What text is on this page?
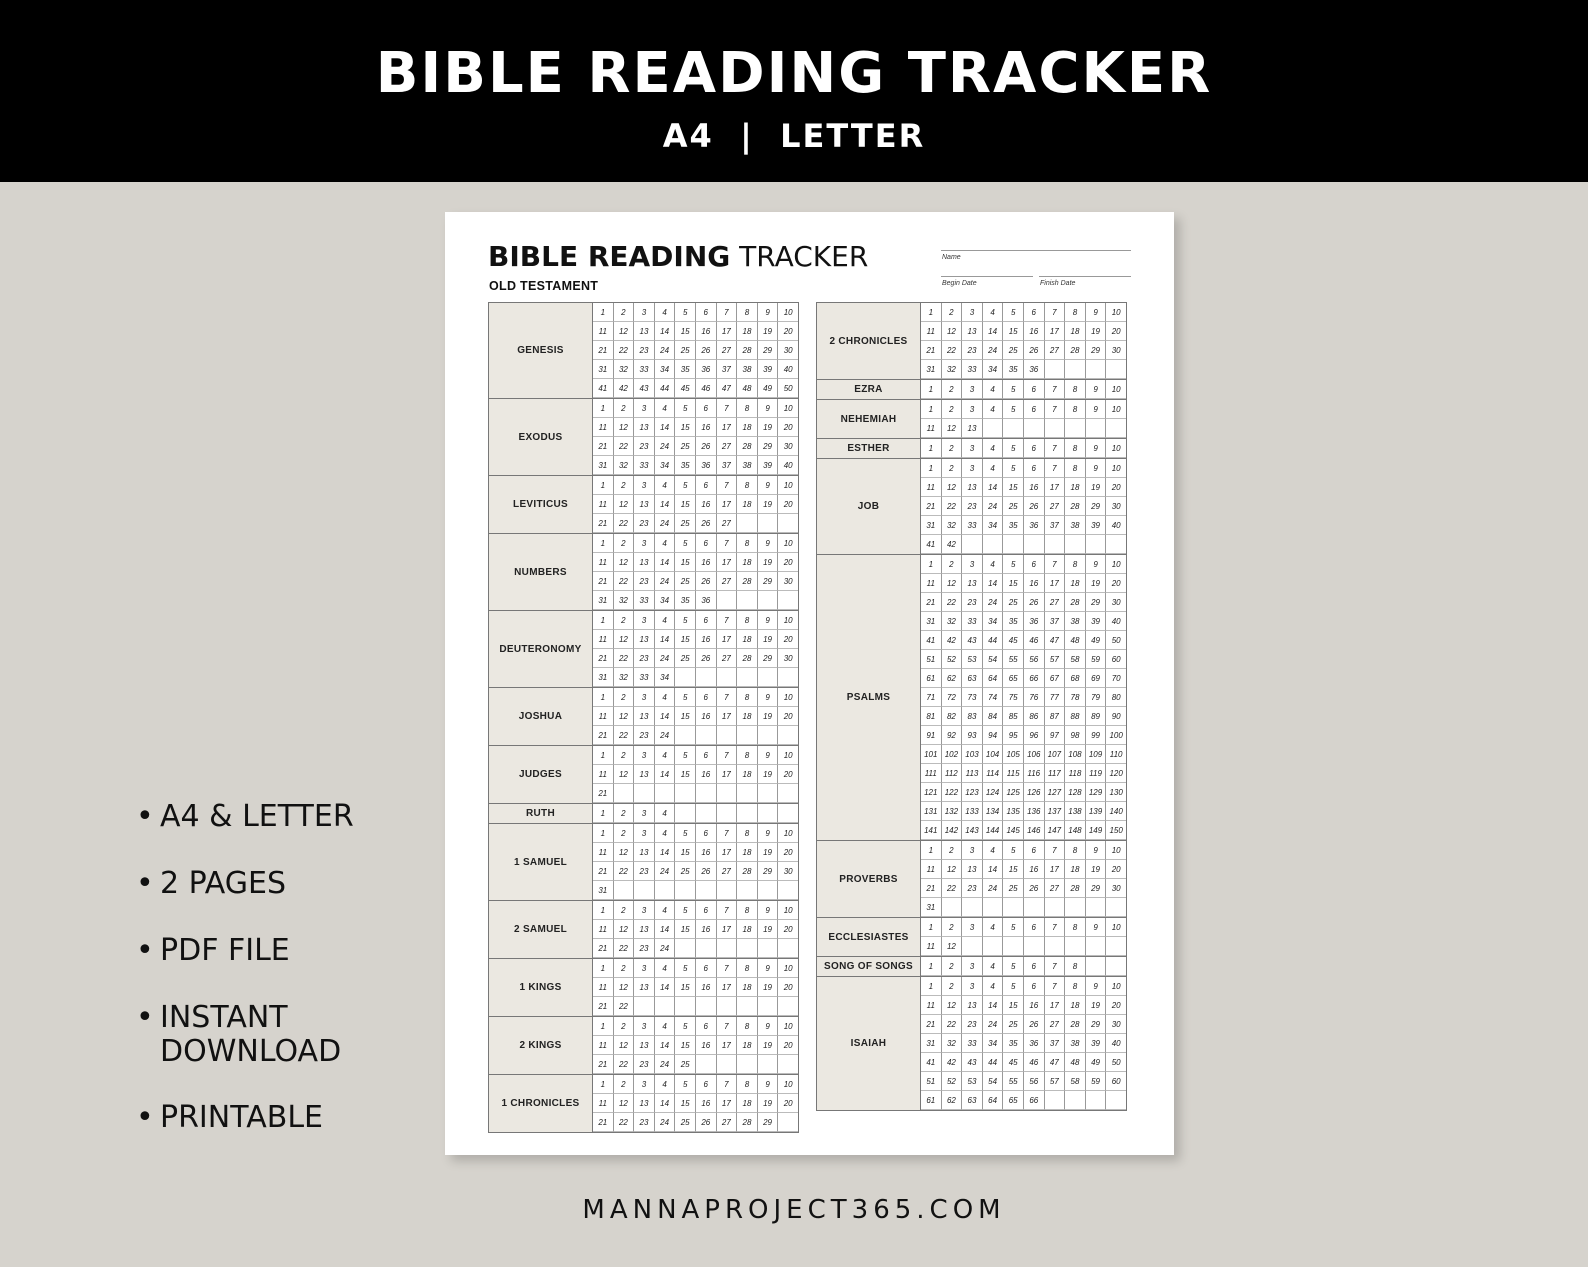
BIBLE READING TRACKER
A4  |  LETTER
• A4 & LETTER
• 2 PAGES
• PDF FILE
• INSTANT DOWNLOAD
• PRINTABLE
BIBLE READING TRACKER
OLD TESTAMENT
Name
Begin Date	Finish Date
GENESIS
1	2	3	4	5	6	7	8	9	10
11	12	13	14	15	16	17	18	19	20
21	22	23	24	25	26	27	28	29	30
31	32	33	34	35	36	37	38	39	40
41	42	43	44	45	46	47	48	49	50
EXODUS
1	2	3	4	5	6	7	8	9	10
11	12	13	14	15	16	17	18	19	20
21	22	23	24	25	26	27	28	29	30
31	32	33	34	35	36	37	38	39	40
LEVITICUS
1	2	3	4	5	6	7	8	9	10
11	12	13	14	15	16	17	18	19	20
21	22	23	24	25	26	27
NUMBERS
1	2	3	4	5	6	7	8	9	10
11	12	13	14	15	16	17	18	19	20
21	22	23	24	25	26	27	28	29	30
31	32	33	34	35	36
DEUTERONOMY
1	2	3	4	5	6	7	8	9	10
11	12	13	14	15	16	17	18	19	20
21	22	23	24	25	26	27	28	29	30
31	32	33	34
JOSHUA
1	2	3	4	5	6	7	8	9	10
11	12	13	14	15	16	17	18	19	20
21	22	23	24
JUDGES
1	2	3	4	5	6	7	8	9	10
11	12	13	14	15	16	17	18	19	20
21
RUTH	1	2	3	4
1 SAMUEL
1	2	3	4	5	6	7	8	9	10
11	12	13	14	15	16	17	18	19	20
21	22	23	24	25	26	27	28	29	30
31
2 SAMUEL
1	2	3	4	5	6	7	8	9	10
11	12	13	14	15	16	17	18	19	20
21	22	23	24
1 KINGS
1	2	3	4	5	6	7	8	9	10
11	12	13	14	15	16	17	18	19	20
21	22
2 KINGS
1	2	3	4	5	6	7	8	9	10
11	12	13	14	15	16	17	18	19	20
21	22	23	24	25
1 CHRONICLES
1	2	3	4	5	6	7	8	9	10
11	12	13	14	15	16	17	18	19	20
21	22	23	24	25	26	27	28	29
2 CHRONICLES
1	2	3	4	5	6	7	8	9	10
11	12	13	14	15	16	17	18	19	20
21	22	23	24	25	26	27	28	29	30
31	32	33	34	35	36
EZRA	1	2	3	4	5	6	7	8	9	10
NEHEMIAH
1	2	3	4	5	6	7	8	9	10
11	12	13
ESTHER	1	2	3	4	5	6	7	8	9	10
JOB
1	2	3	4	5	6	7	8	9	10
11	12	13	14	15	16	17	18	19	20
21	22	23	24	25	26	27	28	29	30
31	32	33	34	35	36	37	38	39	40
41	42
PSALMS
1	2	3	4	5	6	7	8	9	10
11	12	13	14	15	16	17	18	19	20
21	22	23	24	25	26	27	28	29	30
31	32	33	34	35	36	37	38	39	40
41	42	43	44	45	46	47	48	49	50
51	52	53	54	55	56	57	58	59	60
61	62	63	64	65	66	67	68	69	70
71	72	73	74	75	76	77	78	79	80
81	82	83	84	85	86	87	88	89	90
91	92	93	94	95	96	97	98	99	100
101 102 103 104 105 106 107 108 109 110
111	112 113 114 115 116 117 118 119 120
121 122 123 124 125 126 127 128 129 130
131 132 133 134 135 136 137 138 139 140
141 142 143 144 145 146 147 148 149 150
PROVERBS
1	2	3	4	5	6	7	8	9	10
11	12	13	14	15	16	17	18	19	20
21	22	23	24	25	26	27	28	29	30
31
ECCLESIASTES
1	2	3	4	5	6	7	8	9	10
11	12
SONG OF SONGS	1	2	3	4	5	6	7	8
ISAIAH
1	2	3	4	5	6	7	8	9	10
11	12	13	14	15	16	17	18	19	20
21	22	23	24	25	26	27	28	29	30
31	32	33	34	35	36	37	38	39	40
41	42	43	44	45	46	47	48	49	50
51	52	53	54	55	56	57	58	59	60
61	62	63	64	65	66
MANNAPROJECT365.COM
